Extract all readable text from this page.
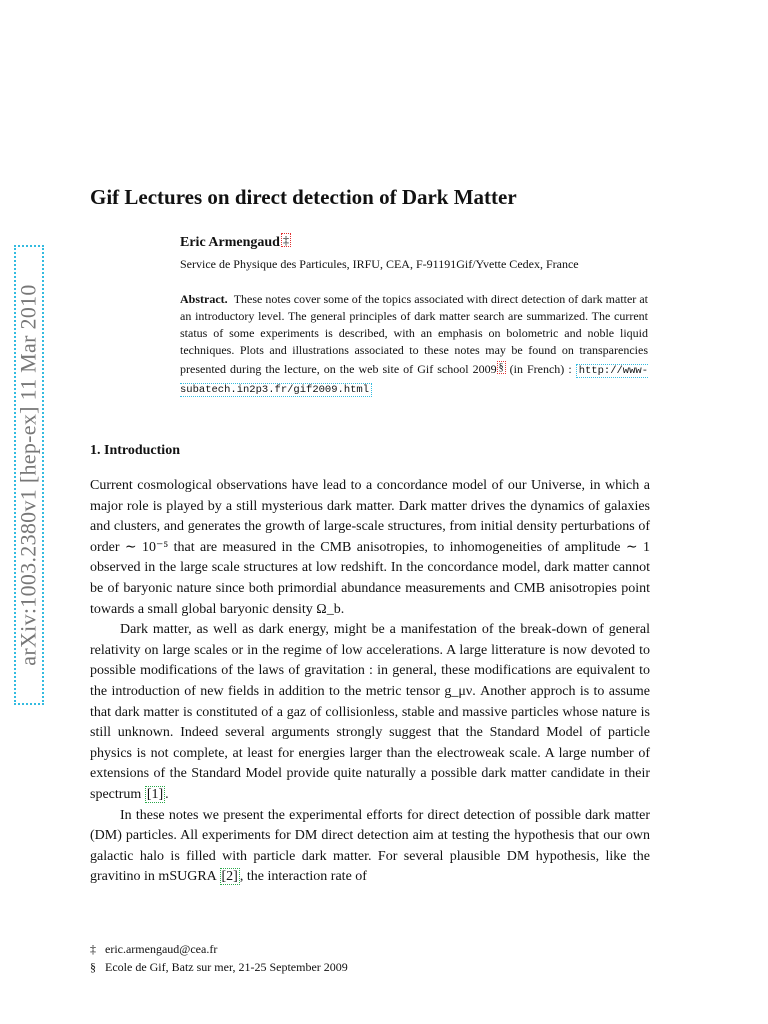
arXiv:1003.2380v1 [hep-ex] 11 Mar 2010
Gif Lectures on direct detection of Dark Matter
Eric Armengaud ‡
Service de Physique des Particules, IRFU, CEA, F-91191Gif/Yvette Cedex, France
Abstract. These notes cover some of the topics associated with direct detection of dark matter at an introductory level. The general principles of dark matter search are summarized. The current status of some experiments is described, with an emphasis on bolometric and noble liquid techniques. Plots and illustrations associated to these notes may be found on transparencies presented during the lecture, on the web site of Gif school 2009 § (in French) : http://www-subatech.in2p3.fr/gif2009.html
1. Introduction

Current cosmological observations have lead to a concordance model of our Universe, in which a major role is played by a still mysterious dark matter. Dark matter drives the dynamics of galaxies and clusters, and generates the growth of large-scale structures, from initial density perturbations of order ∼ 10⁻⁵ that are measured in the CMB anisotropies, to inhomogeneities of amplitude ∼ 1 observed in the large scale structures at low redshift. In the concordance model, dark matter cannot be of baryonic nature since both primordial abundance measurements and CMB anisotropies point towards a small global baryonic density Ω_b.

Dark matter, as well as dark energy, might be a manifestation of the break-down of general relativity on large scales or in the regime of low accelerations. A large litterature is now devoted to possible modifications of the laws of gravitation : in general, these modifications are equivalent to the introduction of new fields in addition to the metric tensor g_μν. Another approch is to assume that dark matter is constituted of a gaz of collisionless, stable and massive particles whose nature is still unknown. Indeed several arguments strongly suggest that the Standard Model of particle physics is not complete, at least for energies larger than the electroweak scale. A large number of extensions of the Standard Model provide quite naturally a possible dark matter candidate in their spectrum [1] .

In these notes we present the experimental efforts for direct detection of possible dark matter (DM) particles. All experiments for DM direct detection aim at testing the hypothesis that our own galactic halo is filled with particle dark matter. For several plausible DM hypothesis, like the gravitino in mSUGRA [2] , the interaction rate of

‡ eric.armengaud@cea.fr
§ Ecole de Gif, Batz sur mer, 21-25 September 2009
